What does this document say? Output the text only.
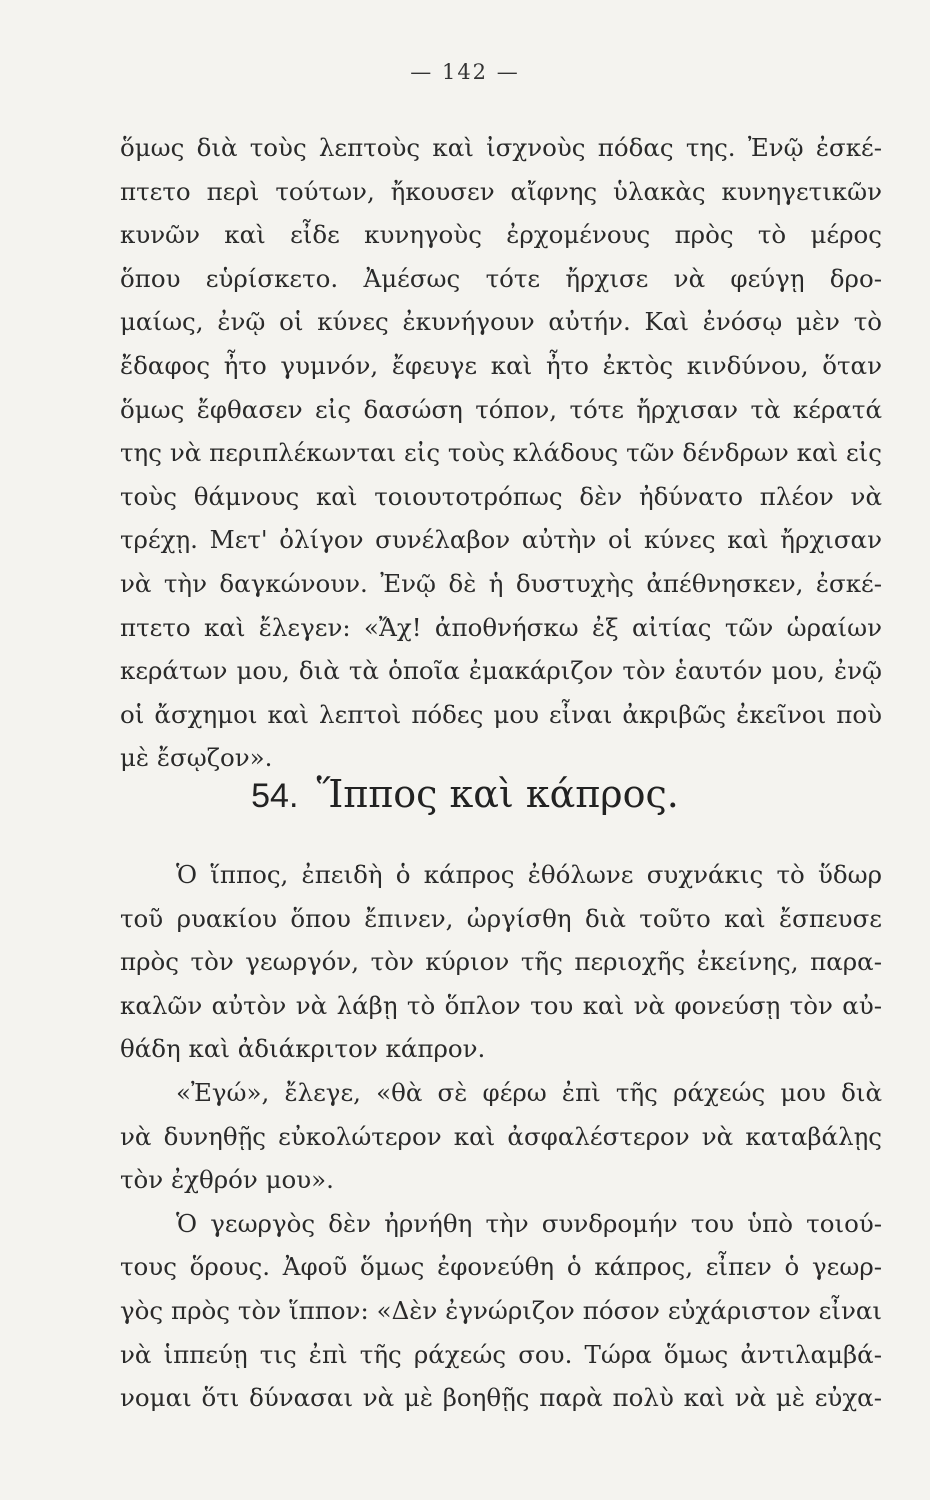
— 142 —
ὅμως διὰ τοὺς λεπτοὺς καὶ ἰσχνοὺς πόδας της. Ἐνῷ ἐσκέ-
πτετο περὶ τούτων, ἤκουσεν αἴφνης ὑλακὰς κυνηγετικῶν
κυνῶν καὶ εἶδε κυνηγοὺς ἐρχομένους πρὸς τὸ μέρος
ὅπου εὑρίσκετο. Ἀμέσως τότε ἤρχισε νὰ φεύγῃ δρο-
μαίως, ἐνῷ οἱ κύνες ἐκυνήγουν αὐτήν. Καὶ ἐνόσῳ μὲν τὸ
ἔδαφος ἦτο γυμνόν, ἔφευγε καὶ ἦτο ἐκτὸς κινδύνου, ὅταν
ὅμως ἔφθασεν εἰς δασώση τόπον, τότε ἤρχισαν τὰ κέρατά
της νὰ περιπλέκωνται εἰς τοὺς κλάδους τῶν δένδρων καὶ εἰς
τοὺς θάμνους καὶ τοιουτοτρόπως δὲν ἠδύνατο πλέον νὰ
τρέχῃ. Μετ' ὀλίγον συνέλαβον αὐτὴν οἱ κύνες καὶ ἤρχισαν
νὰ τὴν δαγκώνουν. Ἐνῷ δὲ ἡ δυστυχὴς ἀπέθνησκεν, ἐσκέ-
πτετο καὶ ἔλεγεν: «Ἄχ! ἀποθνήσκω ἐξ αἰτίας τῶν ὡραίων
κεράτων μου, διὰ τὰ ὁποῖα ἐμακάριζον τὸν ἑαυτόν μου, ἐνῷ
οἱ ἄσχημοι καὶ λεπτοὶ πόδες μου εἶναι ἀκριβῶς ἐκεῖνοι ποὺ
μὲ ἔσῳζον».
54. Ἵππος καὶ κάπρος.
Ὁ ἵππος, ἐπειδὴ ὁ κάπρος ἐθόλωνε συχνάκις τὸ ὕδωρ
τοῦ ρυακίου ὅπου ἔπινεν, ὠργίσθη διὰ τοῦτο καὶ ἔσπευσε
πρὸς τὸν γεωργόν, τὸν κύριον τῆς περιοχῆς ἐκείνης, παρα-
καλῶν αὐτὸν νὰ λάβῃ τὸ ὅπλον του καὶ νὰ φονεύσῃ τὸν αὐ-
θάδη καὶ ἀδιάκριτον κάπρον.
«Ἐγώ», ἔλεγε, «θὰ σὲ φέρω ἐπὶ τῆς ράχεώς μου διὰ
νὰ δυνηθῇς εὐκολώτερον καὶ ἀσφαλέστερον νὰ καταβάλῃς
τὸν ἐχθρόν μου».
Ὁ γεωργὸς δὲν ἠρνήθη τὴν συνδρομήν του ὑπὸ τοιού-
τους ὅρους. Ἀφοῦ ὅμως ἐφονεύθη ὁ κάπρος, εἶπεν ὁ γεωρ-
γὸς πρὸς τὸν ἵππον: «Δὲν ἐγνώριζον πόσον εὐχάριστον εἶναι
νὰ ἱππεύῃ τις ἐπὶ τῆς ράχεώς σου. Τώρα ὅμως ἀντιλαμβά-
νομαι ὅτι δύνασαι νὰ μὲ βοηθῇς παρὰ πολὺ καὶ νὰ μὲ εὐχα-
